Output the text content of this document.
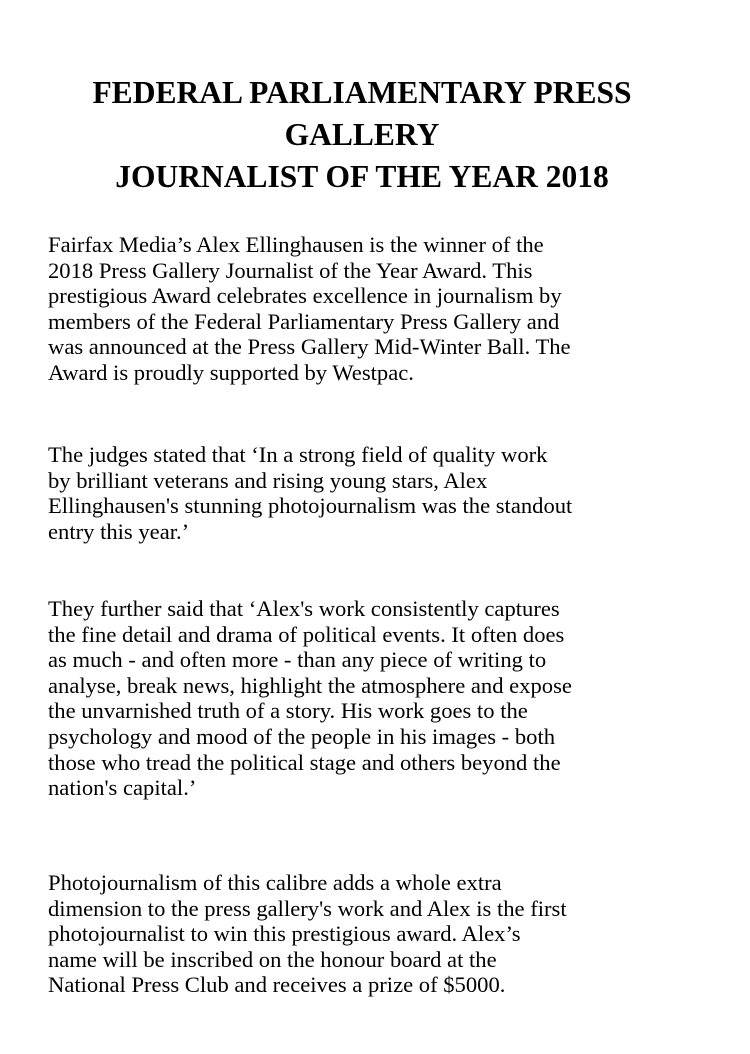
FEDERAL PARLIAMENTARY PRESS
GALLERY
JOURNALIST OF THE YEAR 2018

Fairfax Media’s Alex Ellinghausen is the winner of the
2018 Press Gallery Journalist of the Year Award. This
prestigious Award celebrates excellence in journalism by
members of the Federal Parliamentary Press Gallery and
was announced at the Press Gallery Mid-Winter Ball. The
Award is proudly supported by Westpac.

The judges stated that ‘In a strong field of quality work
by brilliant veterans and rising young stars, Alex
Ellinghausen's stunning photojournalism was the standout
entry this year.’

They further said that ‘Alex's work consistently captures
the fine detail and drama of political events. It often does
as much - and often more - than any piece of writing to
analyse, break news, highlight the atmosphere and expose
the unvarnished truth of a story. His work goes to the
psychology and mood of the people in his images - both
those who tread the political stage and others beyond the
nation's capital.’

Photojournalism of this calibre adds a whole extra
dimension to the press gallery's work and Alex is the first
photojournalist to win this prestigious award. Alex’s
name will be inscribed on the honour board at the
National Press Club and receives a prize of $5000.
